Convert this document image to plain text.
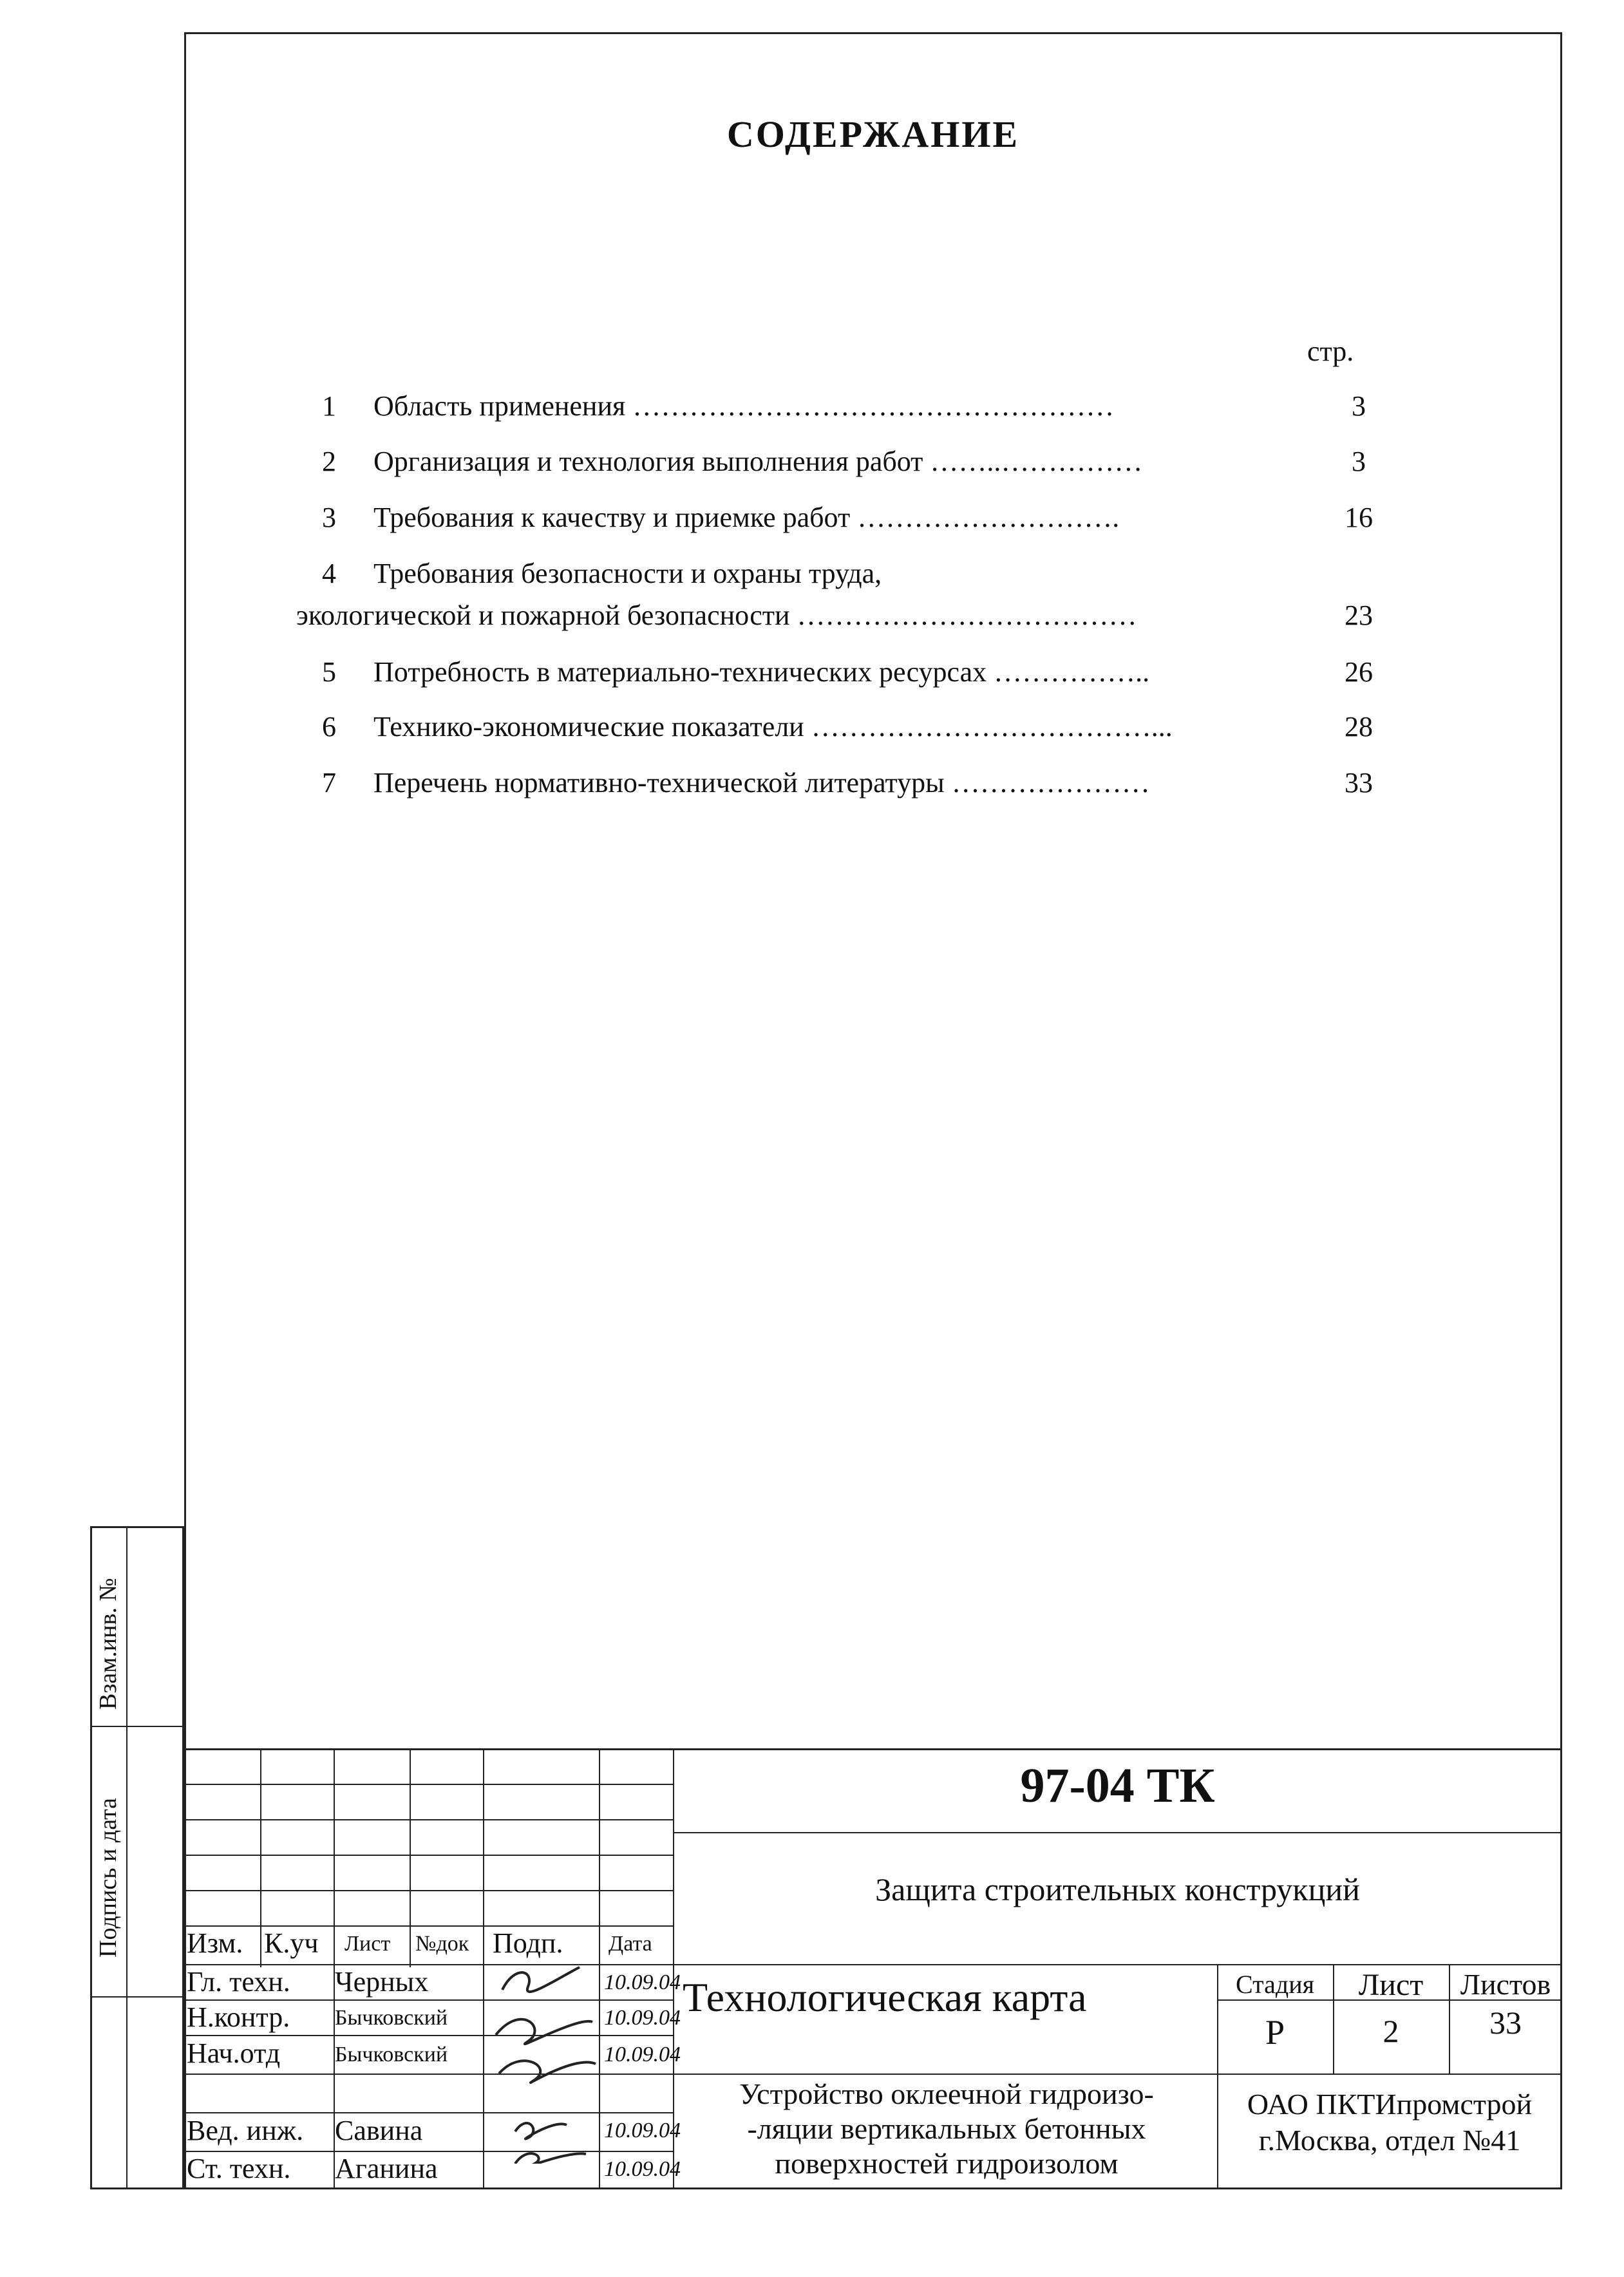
СОДЕРЖАНИЕ
стр.
1 Область применения ……………………………………………	3
2 Организация и технология выполнения работ ……..……………	3
3 Требования к качеству и приемке работ ……………………….	16
4 Требования безопасности и охраны труда,
экологической и пожарной безопасности ………………………………	23
5 Потребность в материально-технических ресурсах ……………..	26
6 Технико-экономические показатели ………………………………...	28
7 Перечень нормативно-технической литературы …………………	33
Взам.инв. №
Подпись и дата Изм. К.уч Лист №док Подп. Дата
Гл. техн. Черных	10.09.04
Н.контр. Бычковский	10.09.04
Нач.отд Бычковский	10.09.04
Вед. инж. Савина	10.09.04
Ст. техн. Аганина	10.09.04
97-04 ТК
Защита строительных конструкций
Технологическая карта
Устройство оклеечной гидроизо-
-ляции вертикальных бетонных
поверхностей гидроизолом
Стадия	Лист	Листов
Р	2	33
ОАО ПКТИпромстрой
г.Москва, отдел №41
